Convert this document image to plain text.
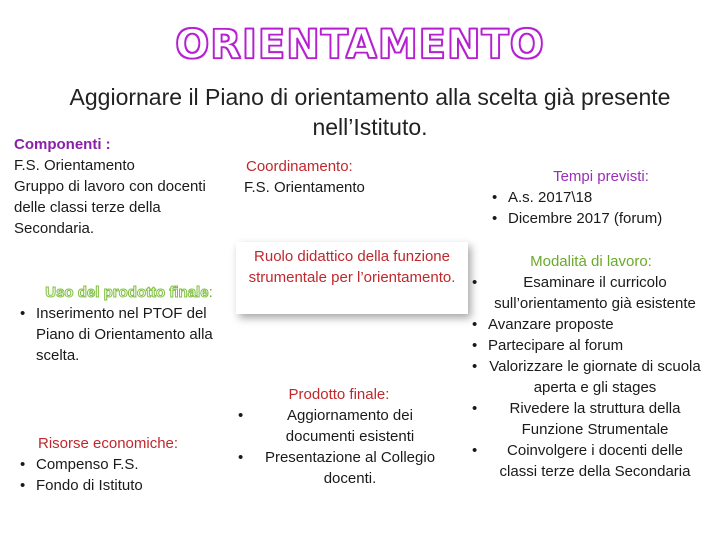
ORIENTAMENTO
Aggiornare il Piano di orientamento alla scelta già presente nell’Istituto.
Componenti :
F.S. Orientamento
Gruppo di lavoro con docenti
delle classi terze della
Secondaria.
Coordinamento:
F.S. Orientamento
Tempi previsti:
• A.s. 2017\18
• Dicembre 2017 (forum)
Ruolo didattico della funzione strumentale per l’orientamento.
Uso del prodotto finale:
• Inserimento nel PTOF del Piano di Orientamento alla scelta.
Modalità di lavoro:
• Esaminare il curricolo sull’orientamento già esistente
• Avanzare proposte
• Partecipare al forum
• Valorizzare le giornate di scuola aperta e gli stages
• Rivedere la struttura della Funzione Strumentale
• Coinvolgere i docenti delle classi terze della Secondaria
Prodotto finale:
• Aggiornamento dei documenti esistenti
• Presentazione al Collegio docenti.
Risorse economiche:
• Compenso F.S.
• Fondo di Istituto
